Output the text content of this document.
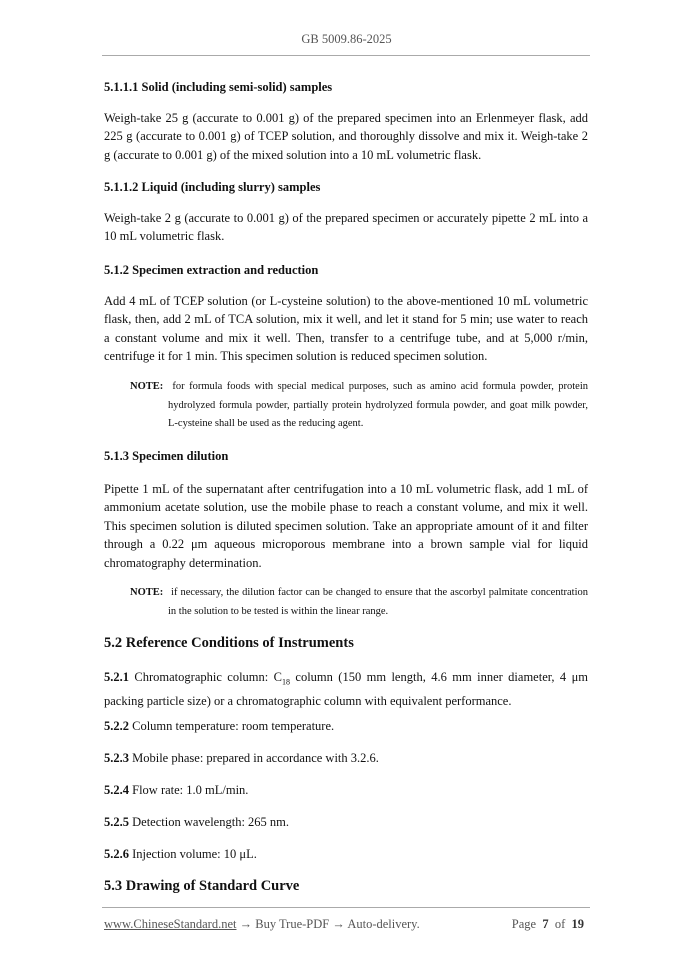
GB 5009.86-2025
5.1.1.1 Solid (including semi-solid) samples
Weigh-take 25 g (accurate to 0.001 g) of the prepared specimen into an Erlenmeyer flask, add 225 g (accurate to 0.001 g) of TCEP solution, and thoroughly dissolve and mix it. Weigh-take 2 g (accurate to 0.001 g) of the mixed solution into a 10 mL volumetric flask.
5.1.1.2 Liquid (including slurry) samples
Weigh-take 2 g (accurate to 0.001 g) of the prepared specimen or accurately pipette 2 mL into a 10 mL volumetric flask.
5.1.2 Specimen extraction and reduction
Add 4 mL of TCEP solution (or L-cysteine solution) to the above-mentioned 10 mL volumetric flask, then, add 2 mL of TCA solution, mix it well, and let it stand for 5 min; use water to reach a constant volume and mix it well. Then, transfer to a centrifuge tube, and at 5,000 r/min, centrifuge it for 1 min. This specimen solution is reduced specimen solution.
NOTE: for formula foods with special medical purposes, such as amino acid formula powder, protein hydrolyzed formula powder, partially protein hydrolyzed formula powder, and goat milk powder, L-cysteine shall be used as the reducing agent.
5.1.3 Specimen dilution
Pipette 1 mL of the supernatant after centrifugation into a 10 mL volumetric flask, add 1 mL of ammonium acetate solution, use the mobile phase to reach a constant volume, and mix it well. This specimen solution is diluted specimen solution. Take an appropriate amount of it and filter through a 0.22 μm aqueous microporous membrane into a brown sample vial for liquid chromatography determination.
NOTE: if necessary, the dilution factor can be changed to ensure that the ascorbyl palmitate concentration in the solution to be tested is within the linear range.
5.2 Reference Conditions of Instruments
5.2.1 Chromatographic column: $C_{18}$ column (150 mm length, 4.6 mm inner diameter, 4 μm packing particle size) or a chromatographic column with equivalent performance.
5.2.2 Column temperature: room temperature.
5.2.3 Mobile phase: prepared in accordance with 3.2.6.
5.2.4 Flow rate: 1.0 mL/min.
5.2.5 Detection wavelength: 265 nm.
5.2.6 Injection volume: 10 μL.
5.3 Drawing of Standard Curve
www.ChineseStandard.net → Buy True-PDF → Auto-delivery.	Page 7 of 19
